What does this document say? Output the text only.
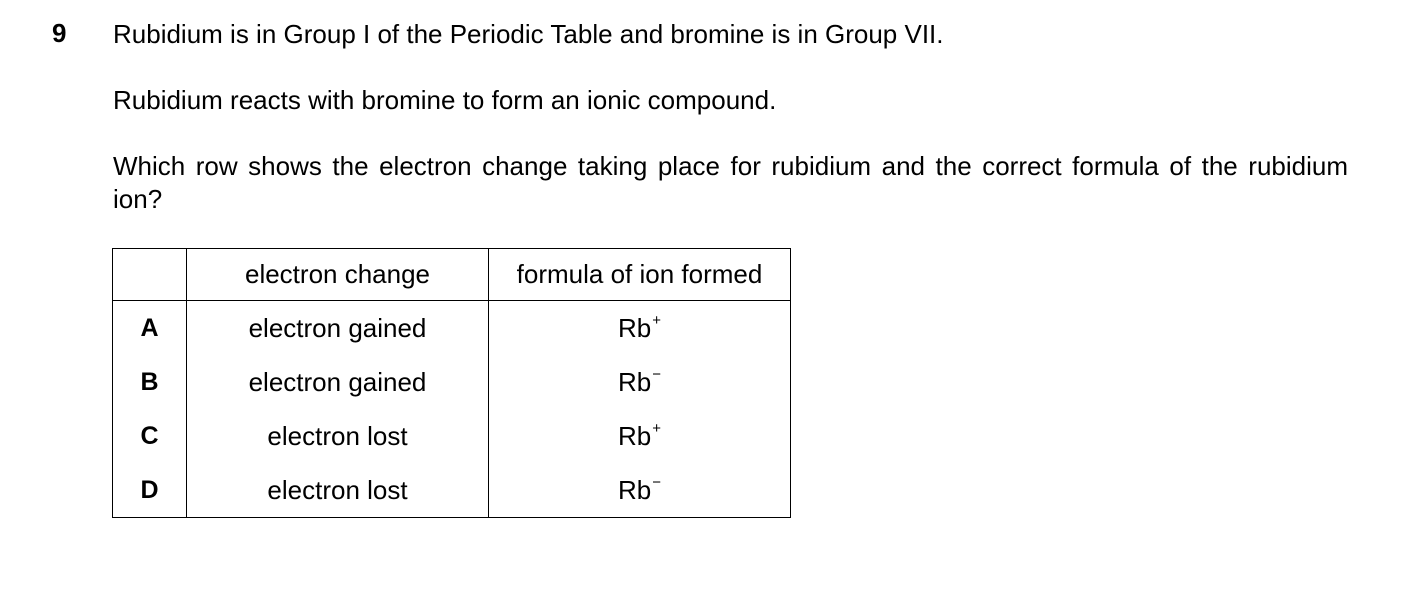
9 Rubidium is in Group I of the Periodic Table and bromine is in Group VII.
Rubidium reacts with bromine to form an ionic compound.
Which row shows the electron change taking place for rubidium and the correct formula of the rubidium ion?
	electron change	formula of ion formed
A	electron gained	Rb+
B	electron gained	Rb−
C	electron lost	Rb+
D	electron lost	Rb−
